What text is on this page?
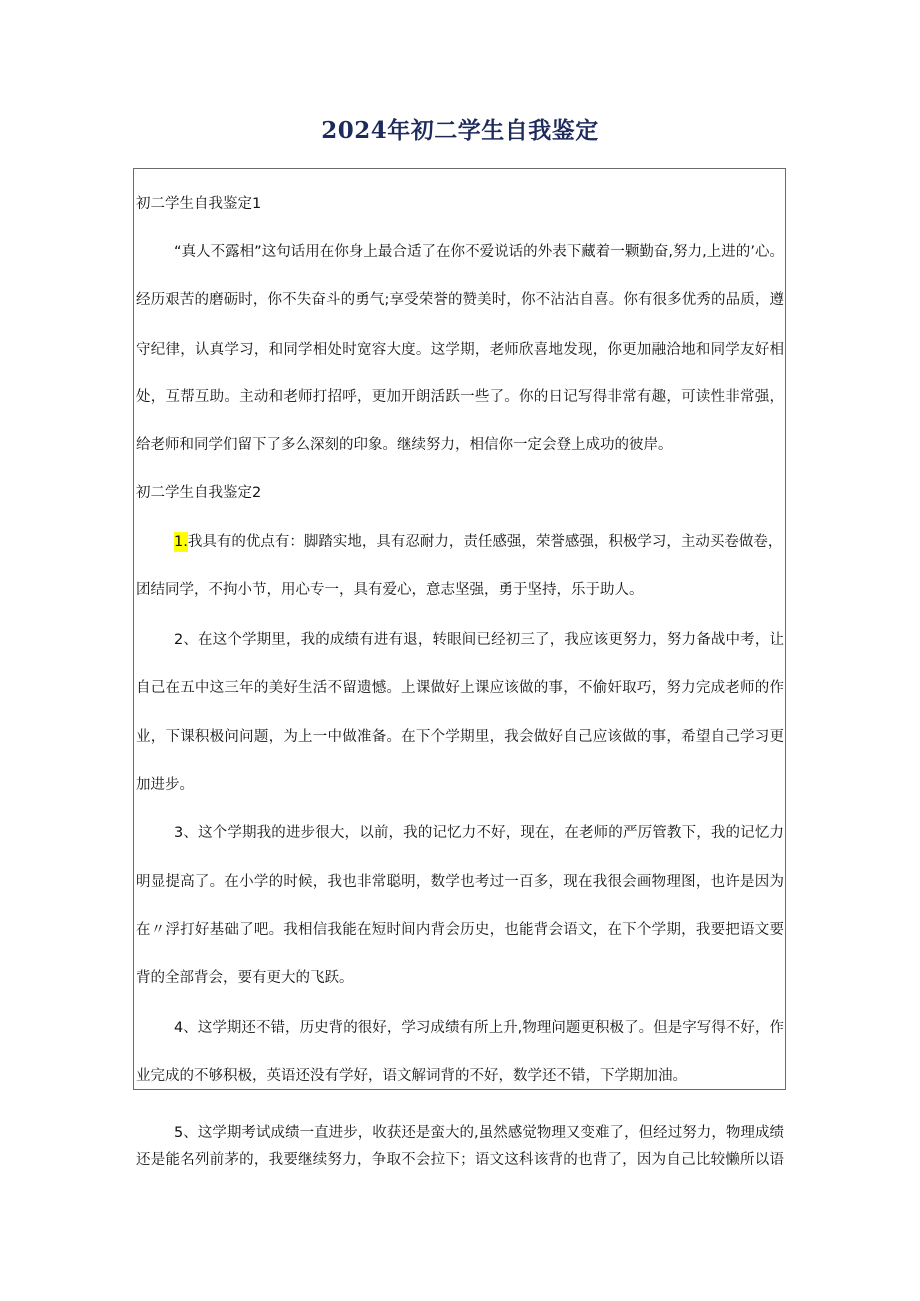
2024年初二学生自我鉴定
初二学生自我鉴定1
“真人不露相”这句话用在你身上最合适了在你不爱说话的外表下藏着一颗勤奋,努力,上进的’心。
经历艰苦的磨砺时，你不失奋斗的勇气;享受荣誉的赞美时，你不沾沾自喜。你有很多优秀的品质，遵
守纪律，认真学习，和同学相处时宽容大度。这学期，老师欣喜地发现，你更加融洽地和同学友好相
处，互帮互助。主动和老师打招呼，更加开朗活跃一些了。你的日记写得非常有趣，可读性非常强，
给老师和同学们留下了多么深刻的印象。继续努力，相信你一定会登上成功的彼岸。
初二学生自我鉴定2
1.我具有的优点有：脚踏实地，具有忍耐力，责任感强，荣誉感强，积极学习，主动买卷做卷，
团结同学，不拘小节，用心专一，具有爱心，意志坚强，勇于坚持，乐于助人。
2、在这个学期里，我的成绩有进有退，转眼间已经初三了，我应该更努力，努力备战中考，让
自己在五中这三年的美好生活不留遗憾。上课做好上课应该做的事，不偷奸取巧，努力完成老师的作
业，下课积极问问题，为上一中做准备。在下个学期里，我会做好自己应该做的事，希望自己学习更
加进步。
3、这个学期我的进步很大，以前，我的记忆力不好，现在，在老师的严厉管教下，我的记忆力
明显提高了。在小学的时候，我也非常聪明，数学也考过一百多，现在我很会画物理图，也许是因为
在〃浮打好基础了吧。我相信我能在短时间内背会历史，也能背会语文，在下个学期，我要把语文要
背的全部背会，要有更大的飞跃。
4、这学期还不错，历史背的很好，学习成绩有所上升,物理问题更积极了。但是字写得不好，作
业完成的不够积极，英语还没有学好，语文解词背的不好，数学还不错，下学期加油。
5、这学期考试成绩一直进步，收获还是蛮大的,虽然感觉物理又变难了，但经过努力，物理成绩
还是能名列前茅的，我要继续努力，争取不会拉下；语文这科该背的也背了，因为自己比较懒所以语
